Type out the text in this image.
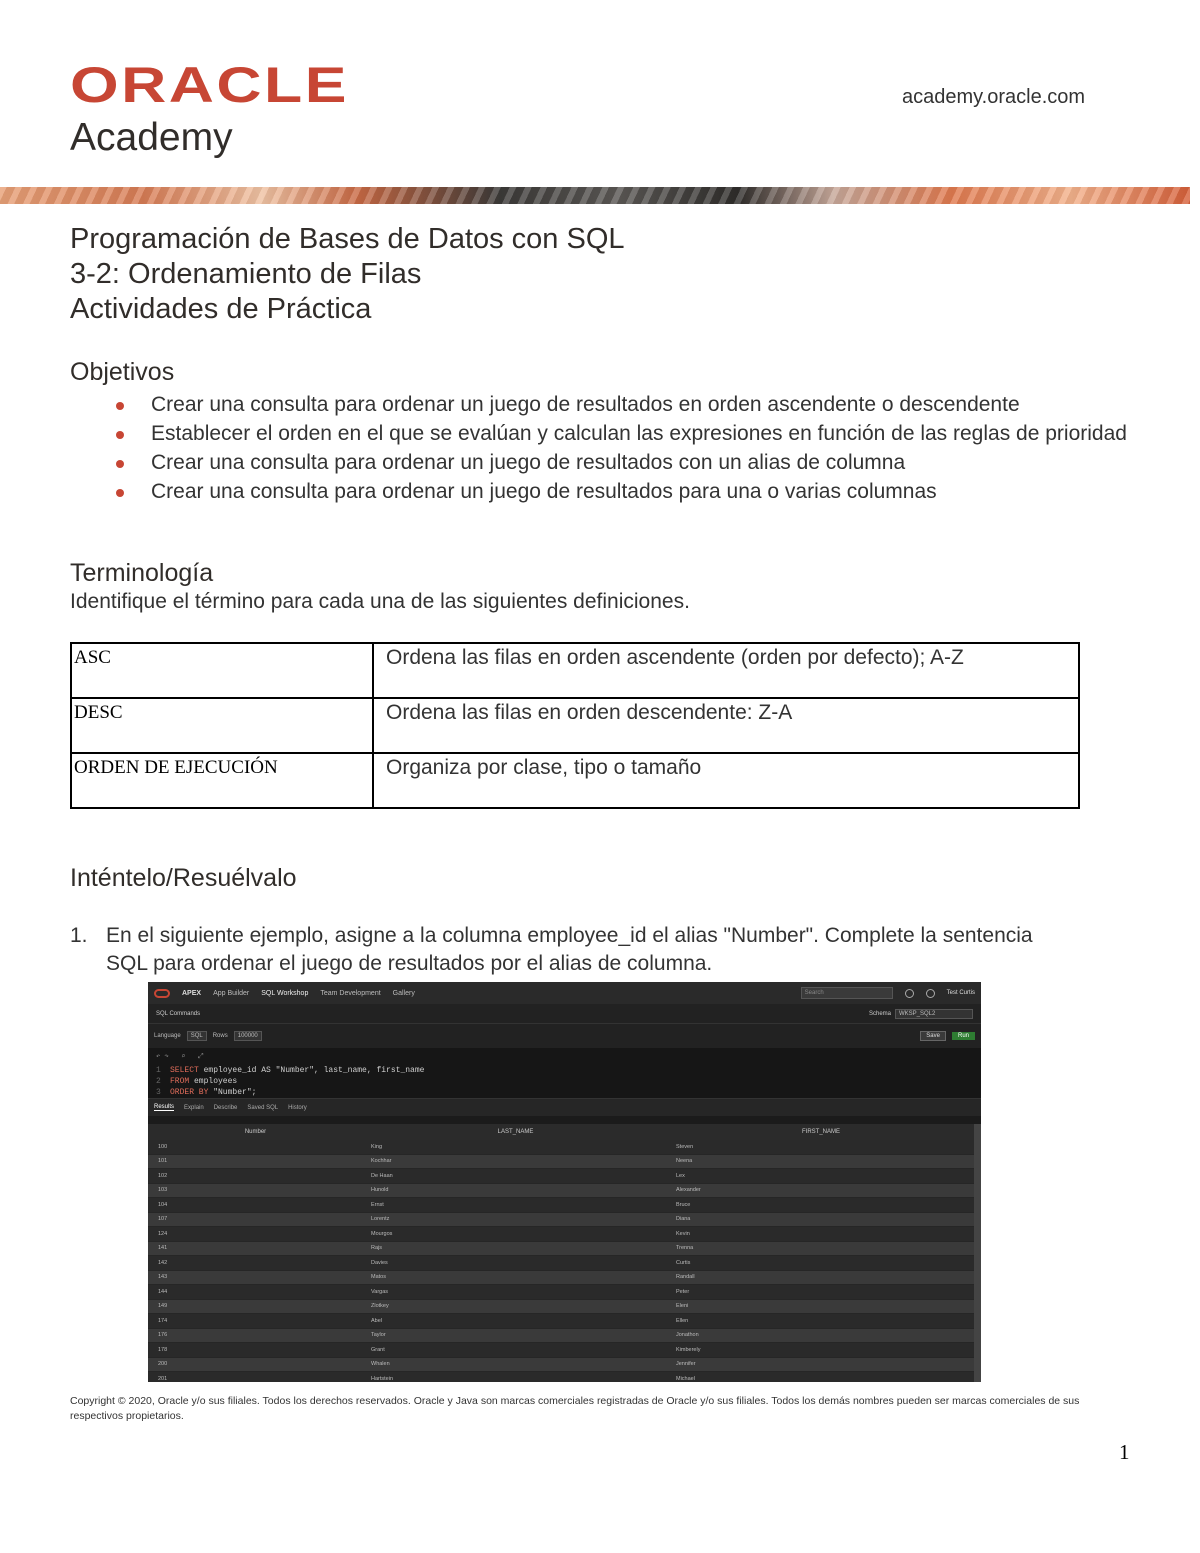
ORACLE
Academy
academy.oracle.com
Programación de Bases de Datos con SQL
3-2: Ordenamiento de Filas
Actividades de Práctica
Objetivos
Crear una consulta para ordenar un juego de resultados en orden ascendente o descendente
Establecer el orden en el que se evalúan y calculan las expresiones en función de las reglas de prioridad
Crear una consulta para ordenar un juego de resultados con un alias de columna
Crear una consulta para ordenar un juego de resultados para una o varias columnas
Terminología
Identifique el término para cada una de las siguientes definiciones.
ASC	Ordena las filas en orden ascendente (orden por defecto); A-Z
DESC	Ordena las filas en orden descendente: Z-A
ORDEN DE EJECUCIÓN	Organiza por clase, tipo o tamaño
Inténtelo/Resuélvalo
1. En el siguiente ejemplo, asigne a la columna employee_id el alias "Number". Complete la sentencia SQL para ordenar el juego de resultados por el alias de columna.
APEX App Builder SQL Workshop Team Development Gallery	Search	Test Curtis
SQL Commands	Schema	WKSP_SQL2
Language	SQL	Rows	100000	Save	Run
↶ ↷   ⌕   ⤢
1 SELECT employee_id AS "Number", last_name, first_name
2 FROM employees
3 ORDER BY "Number";
Results Explain Describe Saved SQL History
Number	LAST_NAME	FIRST_NAME
100	King	Steven
101	Kochhar	Neena
102	De Haan	Lex
103	Hunold	Alexander
104	Ernst	Bruce
107	Lorentz	Diana
124	Mourgos	Kevin
141	Rajs	Trenna
142	Davies	Curtis
143	Matos	Randall
144	Vargas	Peter
149	Zlotkey	Eleni
174	Abel	Ellen
176	Taylor	Jonathon
178	Grant	Kimberely
200	Whalen	Jennifer
201	Hartstein	Michael
Copyright © 2020, Oracle y/o sus filiales. Todos los derechos reservados. Oracle y Java son marcas comerciales registradas de Oracle y/o sus filiales. Todos los demás nombres pueden ser marcas comerciales de sus respectivos propietarios.
1
